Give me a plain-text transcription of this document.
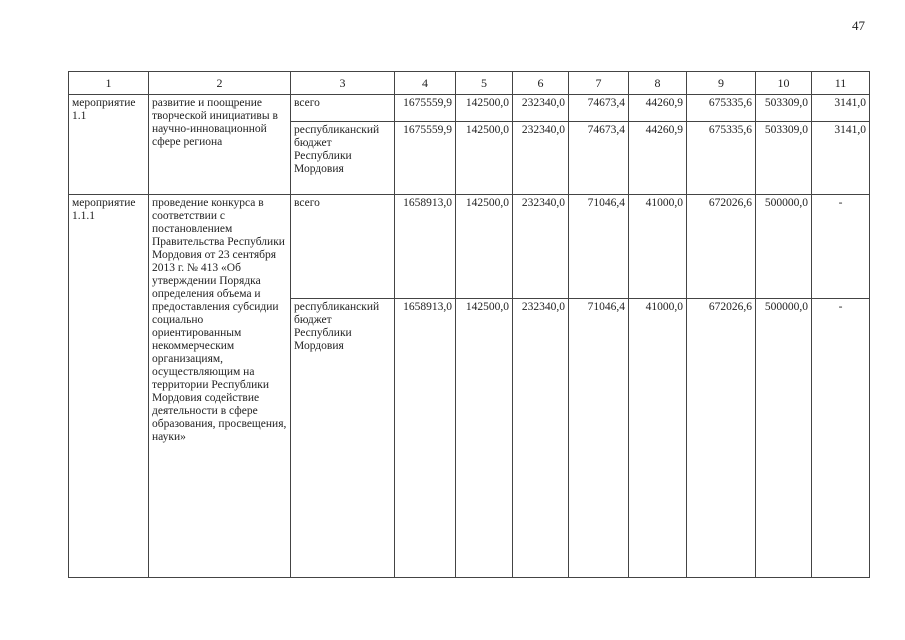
47
1	2	3	4	5	6	7	8	9	10	11
мероприятие 1.1	развитие и поощрение творческой инициативы в научно-инновационной сфере региона	всего	1675559,9	142500,0	232340,0	74673,4	44260,9	675335,6	503309,0	3141,0
		республиканский бюджет Республики Мордовия	1675559,9	142500,0	232340,0	74673,4	44260,9	675335,6	503309,0	3141,0
мероприятие 1.1.1	проведение конкурса в соответствии с постановлением Правительства Республики Мордовия от 23 сентября 2013 г. № 413 «Об утверждении Порядка определения объема и предоставления субсидии социально ориентированным некоммерческим организациям, осуществляющим на территории Республики Мордовия содействие деятельности в сфере образования, просвещения, науки»	всего	1658913,0	142500,0	232340,0	71046,4	41000,0	672026,6	500000,0	-
		республиканский бюджет Республики Мордовия	1658913,0	142500,0	232340,0	71046,4	41000,0	672026,6	500000,0	-
